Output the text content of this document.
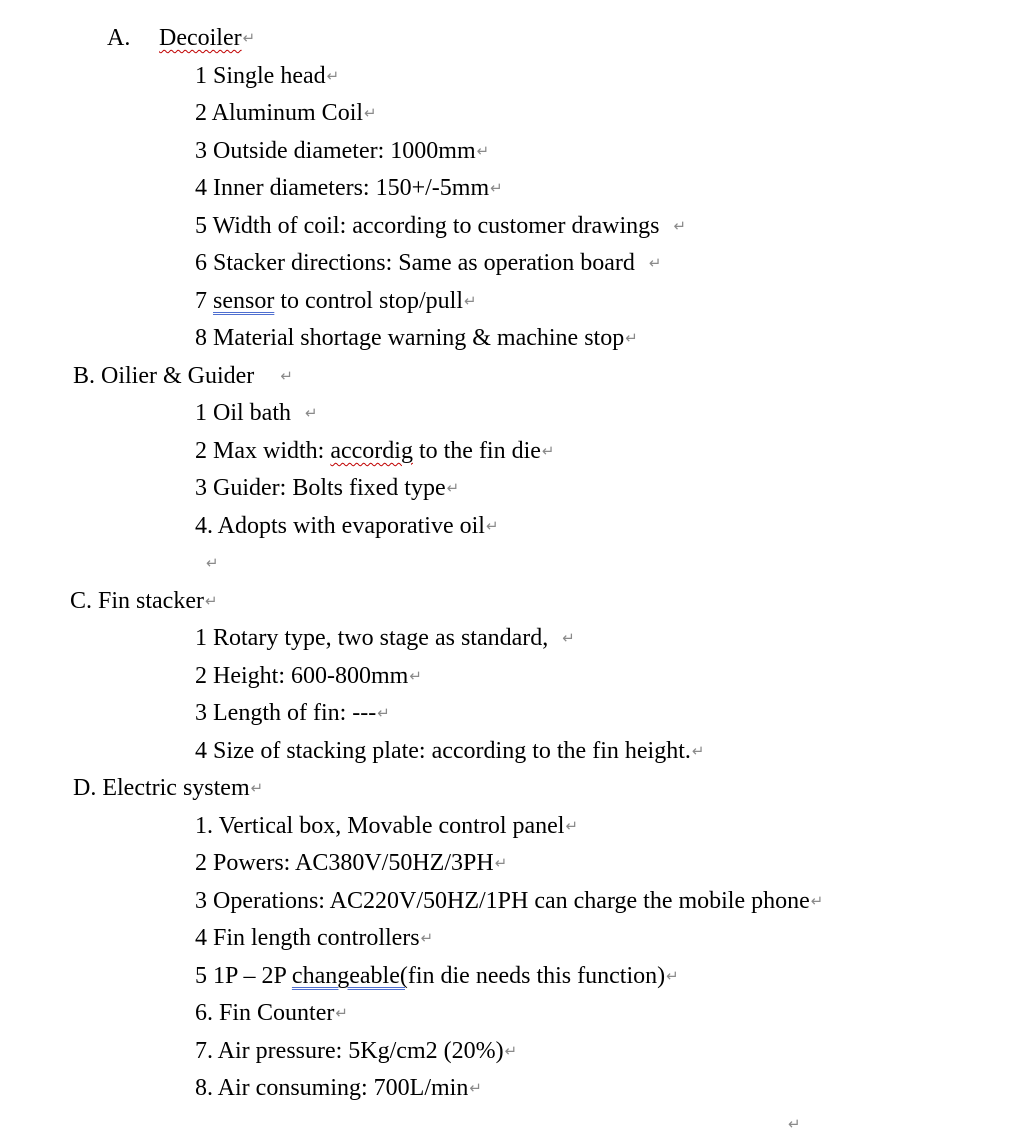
A. Decoiler↵
1 Single head↵
2 Aluminum Coil↵
3 Outside diameter: 1000mm↵
4 Inner diameters: 150+/-5mm↵
5 Width of coil: according to customer drawings ↵
6 Stacker directions: Same as operation board ↵
7 sensor to control stop/pull↵
8 Material shortage warning & machine stop↵
B. Oilier & Guider ↵
1 Oil bath ↵
2 Max width: accordig to the fin die↵
3 Guider: Bolts fixed type↵
4. Adopts with evaporative oil↵
↵
C. Fin stacker↵
1 Rotary type, two stage as standard, ↵
2 Height: 600-800mm↵
3 Length of fin: ---↵
4 Size of stacking plate: according to the fin height.↵
D. Electric system↵
1. Vertical box, Movable control panel↵
2 Powers: AC380V/50HZ/3PH↵
3 Operations: AC220V/50HZ/1PH can charge the mobile phone↵
4 Fin length controllers↵
5 1P – 2P changeable(fin die needs this function)↵
6. Fin Counter↵
7. Air pressure: 5Kg/cm2 (20%)↵
8. Air consuming: 700L/min↵
↵
